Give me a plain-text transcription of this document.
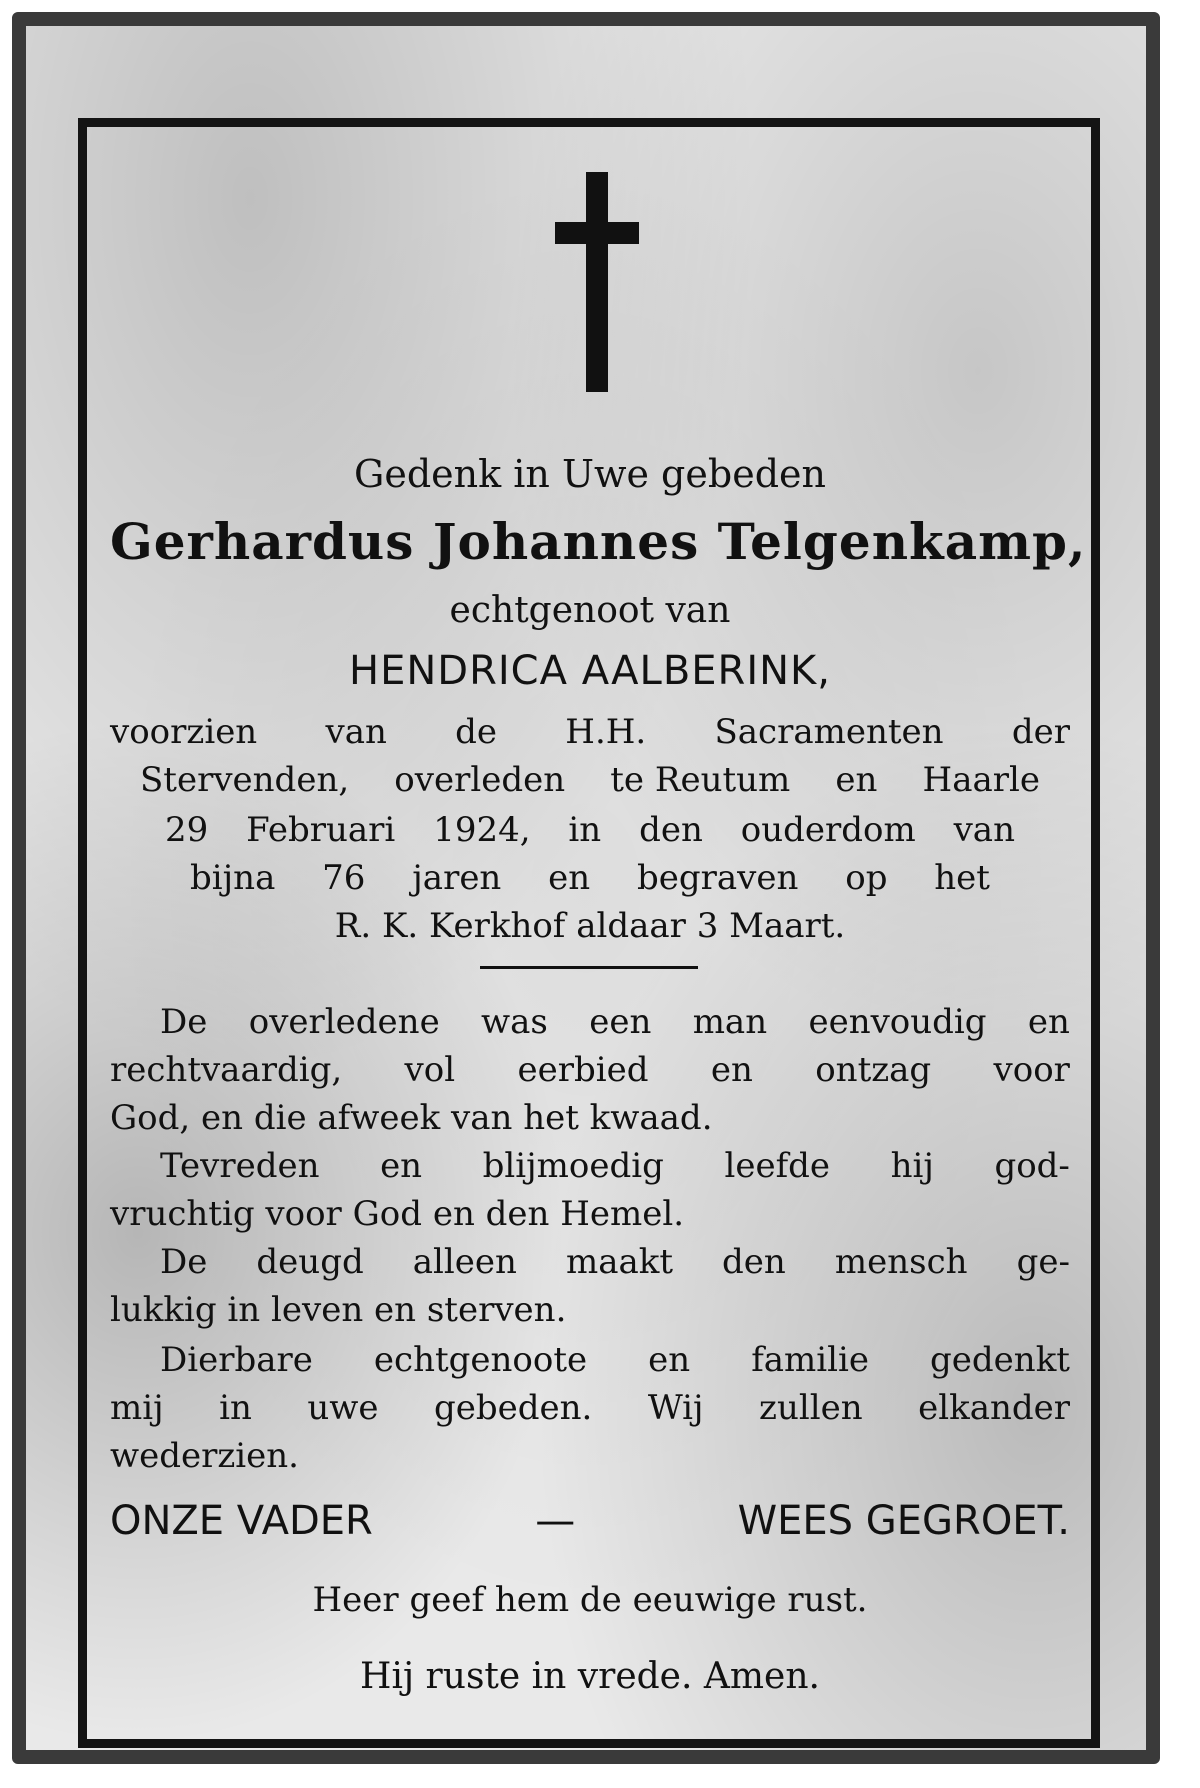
Gedenk in Uwe gebeden
Gerhardus Johannes Telgenkamp,
echtgenoot van
HENDRICA AALBERINK,
voorzien van de H.H. Sacramenten der
Stervenden, overleden te Reutum en Haarle
29 Februari 1924, in den ouderdom van
bijna 76 jaren en begraven op het
R. K. Kerkhof aldaar 3 Maart.
De overledene was een man eenvoudig en
rechtvaardig, vol eerbied en ontzag voor
God, en die afweek van het kwaad.
Tevreden en blijmoedig leefde hij god-
vruchtig voor God en den Hemel.
De deugd alleen maakt den mensch ge-
lukkig in leven en sterven.
Dierbare echtgenoote en familie gedenkt
mij in uwe gebeden. Wij zullen elkander
wederzien.
ONZE VADER	—	WEES GEGROET.
Heer geef hem de eeuwige rust.
Hij ruste in vrede. Amen.
